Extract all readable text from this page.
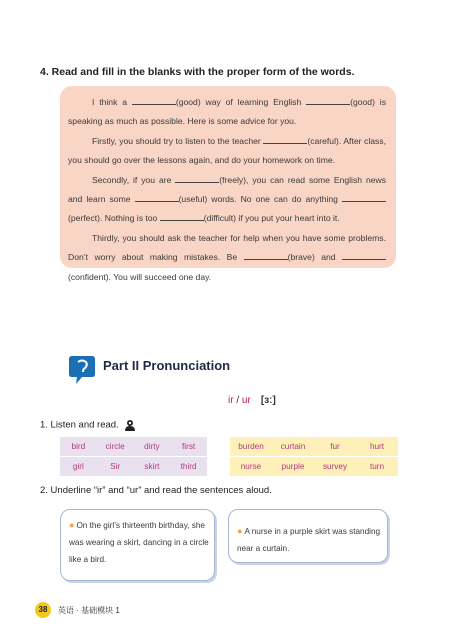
4. Read and fill in the blanks with the proper form of the words.

I think a	(good) way of learning English	(good) is speaking as much as possible. Here is some advice for you.

Firstly, you should try to listen to the teacher	(careful). After class, you should go over the lessons again, and do your homework on time.

Secondly, if you are	(freely), you can read some English news and learn some	(useful) words. No one can do anything (perfect). Nothing is too	(difficult) if you put your heart into it.

Thirdly, you should ask the teacher for help when you have some problems. Don’t worry about making mistakes. Be	(brave) and (confident). You will succeed one day.

Part II Pronunciation
ir / ur [ɜː]
1. Listen and read.
bird	circle	dirty	first
girl	Sir	skirt	third
burden	curtain	fur	hurt
nurse	purple	survey	turn
2. Underline “ir” and “ur” and read the sentences aloud.
● On the girl’s thirteenth birthday, she was wearing a skirt, dancing in a circle like a bird.
● A nurse in a purple skirt was standing near a curtain.
38	英语 · 基础模块 1
